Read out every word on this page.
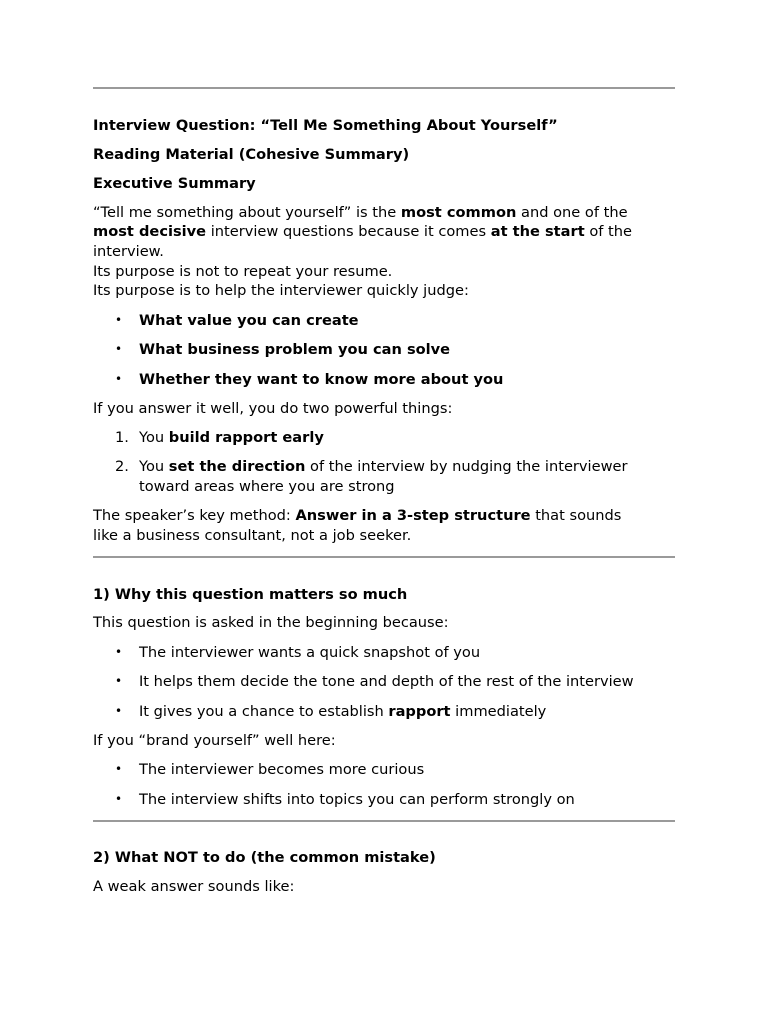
Interview Question: “Tell Me Something About Yourself”
Reading Material (Cohesive Summary)
Executive Summary
“Tell me something about yourself” is the most common and one of the
most decisive interview questions because it comes at the start of the
interview.
Its purpose is not to repeat your resume.
Its purpose is to help the interviewer quickly judge:
• What value you can create
• What business problem you can solve
• Whether they want to know more about you
If you answer it well, you do two powerful things:
1. You build rapport early
2. You set the direction of the interview by nudging the interviewer
toward areas where you are strong
The speaker’s key method: Answer in a 3-step structure that sounds
like a business consultant, not a job seeker.
1) Why this question matters so much
This question is asked in the beginning because:
• The interviewer wants a quick snapshot of you
• It helps them decide the tone and depth of the rest of the interview
• It gives you a chance to establish rapport immediately
If you “brand yourself” well here:
• The interviewer becomes more curious
• The interview shifts into topics you can perform strongly on
2) What NOT to do (the common mistake)
A weak answer sounds like:
